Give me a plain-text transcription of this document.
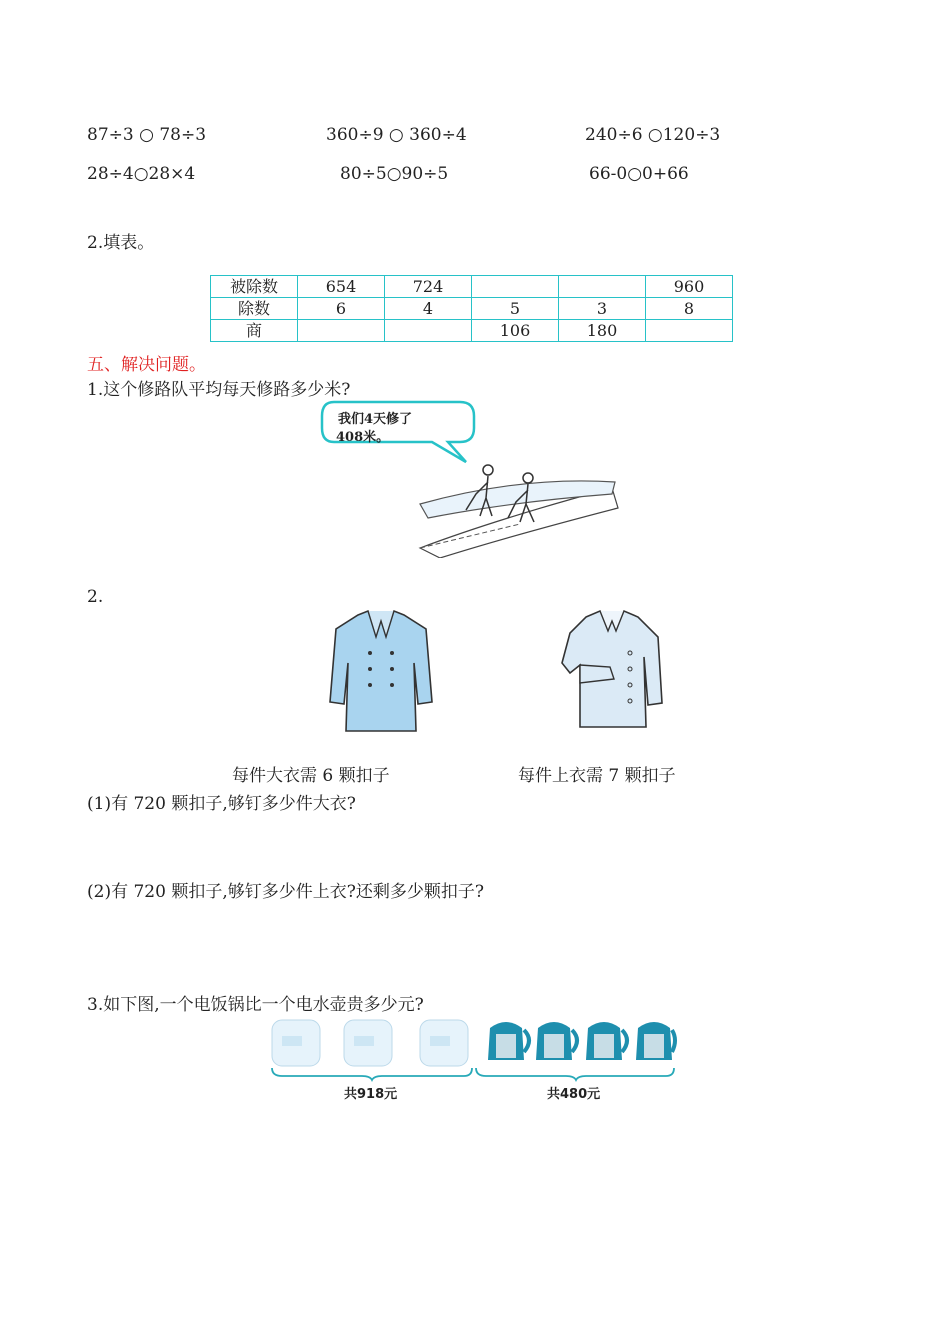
87÷3 ○ 78÷3	360÷9 ○ 360÷4	240÷6 ○120÷3
28÷4○28×4	80÷5○90÷5	66-0○0+66
2.填表。
被除数	654	724			960
除数	6	4	5	3	8
商			106	180	
五、解决问题。
1.这个修路队平均每天修路多少米?
我们4天修了
408米。
2.
每件大衣需 6 颗扣子	每件上衣需 7 颗扣子
(1)有 720 颗扣子,够钉多少件大衣?
(2)有 720 颗扣子,够钉多少件上衣?还剩多少颗扣子?
3.如下图,一个电饭锅比一个电水壶贵多少元?
共918元	共480元
